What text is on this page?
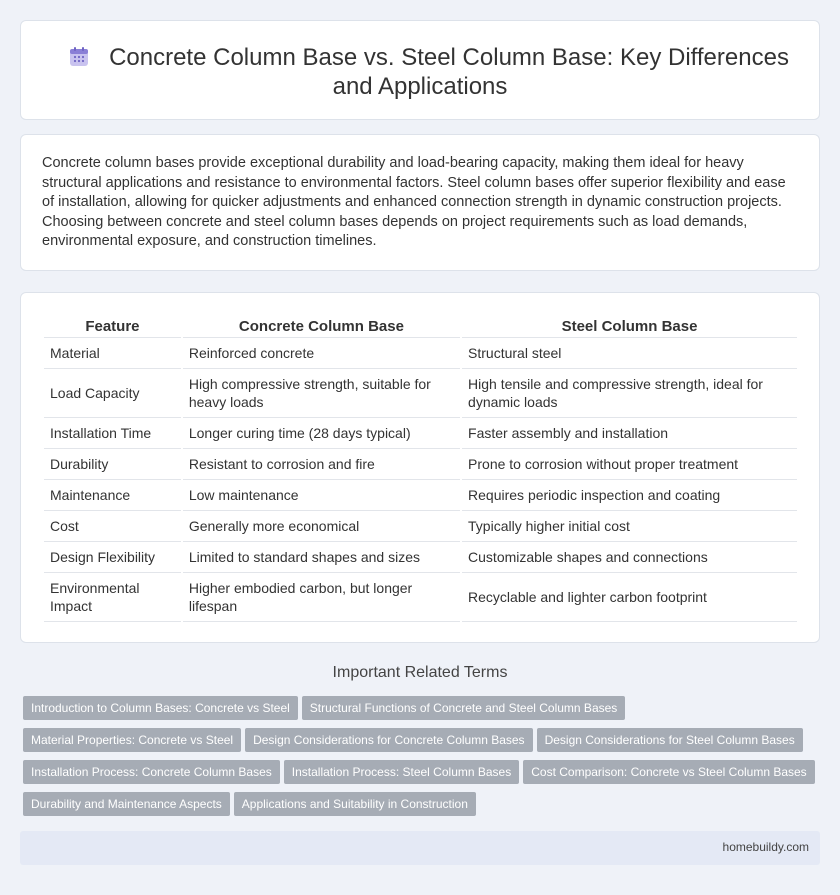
Concrete Column Base vs. Steel Column Base: Key Differences
and Applications

Concrete column bases provide exceptional durability and load-bearing capacity, making them ideal for heavy structural applications and resistance to environmental factors. Steel column bases offer superior flexibility and ease of installation, allowing for quicker adjustments and enhanced connection strength in dynamic construction projects. Choosing between concrete and steel column bases depends on project requirements such as load demands, environmental exposure, and construction timelines.

Feature	Concrete Column Base	Steel Column Base
Material	Reinforced concrete	Structural steel
Load Capacity	High compressive strength, suitable for heavy loads	High tensile and compressive strength, ideal for dynamic loads
Installation Time	Longer curing time (28 days typical)	Faster assembly and installation
Durability	Resistant to corrosion and fire	Prone to corrosion without proper treatment
Maintenance	Low maintenance	Requires periodic inspection and coating
Cost	Generally more economical	Typically higher initial cost
Design Flexibility	Limited to standard shapes and sizes	Customizable shapes and connections
Environmental Impact	Higher embodied carbon, but longer lifespan	Recyclable and lighter carbon footprint
Important Related Terms
Introduction to Column Bases: Concrete vs Steel Structural Functions of Concrete and Steel Column Bases
Material Properties: Concrete vs Steel Design Considerations for Concrete Column Bases Design Considerations for Steel Column Bases
Installation Process: Concrete Column Bases Installation Process: Steel Column Bases Cost Comparison: Concrete vs Steel Column Bases
Durability and Maintenance Aspects Applications and Suitability in Construction
homebuildy.com
